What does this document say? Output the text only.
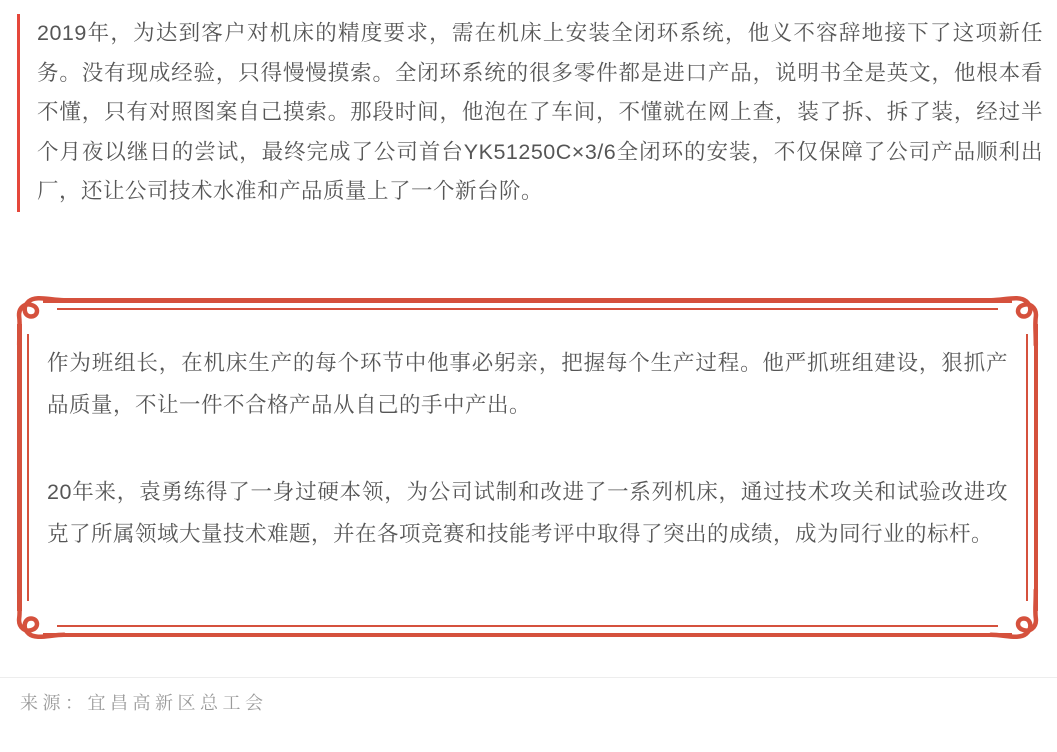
2019年，为达到客户对机床的精度要求，需在机床上安装全闭环系统，他义不容辞地接下了这项新任务。没有现成经验，只得慢慢摸索。全闭环系统的很多零件都是进口产品，说明书全是英文，他根本看不懂，只有对照图案自己摸索。那段时间，他泡在了车间，不懂就在网上查，装了拆、拆了装，经过半个月夜以继日的尝试，最终完成了公司首台YK51250C×3/6全闭环的安装，不仅保障了公司产品顺利出厂，还让公司技术水准和产品质量上了一个新台阶。

作为班组长，在机床生产的每个环节中他事必躬亲，把握每个生产过程。他严抓班组建设，狠抓产品质量，不让一件不合格产品从自己的手中产出。

20年来，袁勇练得了一身过硬本领，为公司试制和改进了一系列机床，通过技术攻关和试验改进攻克了所属领域大量技术难题，并在各项竞赛和技能考评中取得了突出的成绩，成为同行业的标杆。

来源：宜昌高新区总工会
